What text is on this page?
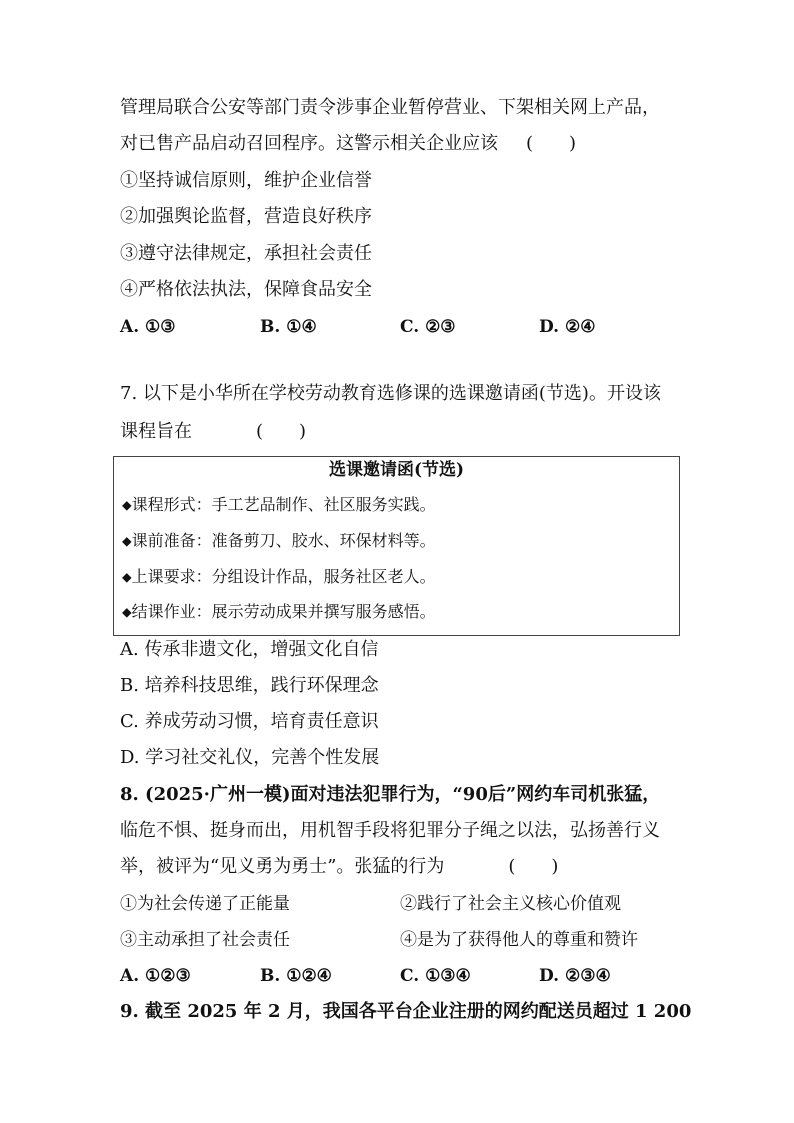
管理局联合公安等部门责令涉事企业暂停营业、下架相关网上产品，
对已售产品启动召回程序。这警示相关企业应该 (　　)
①坚持诚信原则，维护企业信誉
②加强舆论监督，营造良好秩序
③遵守法律规定，承担社会责任
④严格依法执法，保障食品安全
A. ①③	B. ①④	C. ②③	D. ②④
7. 以下是小华所在学校劳动教育选修课的选课邀请函(节选)。开设该
课程旨在	(　　)
选课邀请函(节选)
◆课程形式：手工艺品制作、社区服务实践。
◆课前准备：准备剪刀、胶水、环保材料等。
◆上课要求：分组设计作品，服务社区老人。
◆结课作业：展示劳动成果并撰写服务感悟。
A. 传承非遗文化，增强文化自信
B. 培养科技思维，践行环保理念
C. 养成劳动习惯，培育责任意识
D. 学习社交礼仪，完善个性发展
8. (2025·广州一模)面对违法犯罪行为，“90后”网约车司机张猛，
临危不惧、挺身而出，用机智手段将犯罪分子绳之以法，弘扬善行义
举，被评为“见义勇为勇士”。张猛的行为	(　　)
①为社会传递了正能量	②践行了社会主义核心价值观
③主动承担了社会责任	④是为了获得他人的尊重和赞许
A. ①②③	B. ①②④	C. ①③④	D. ②③④
9. 截至 2025 年 2 月，我国各平台企业注册的网约配送员超过 1 200
